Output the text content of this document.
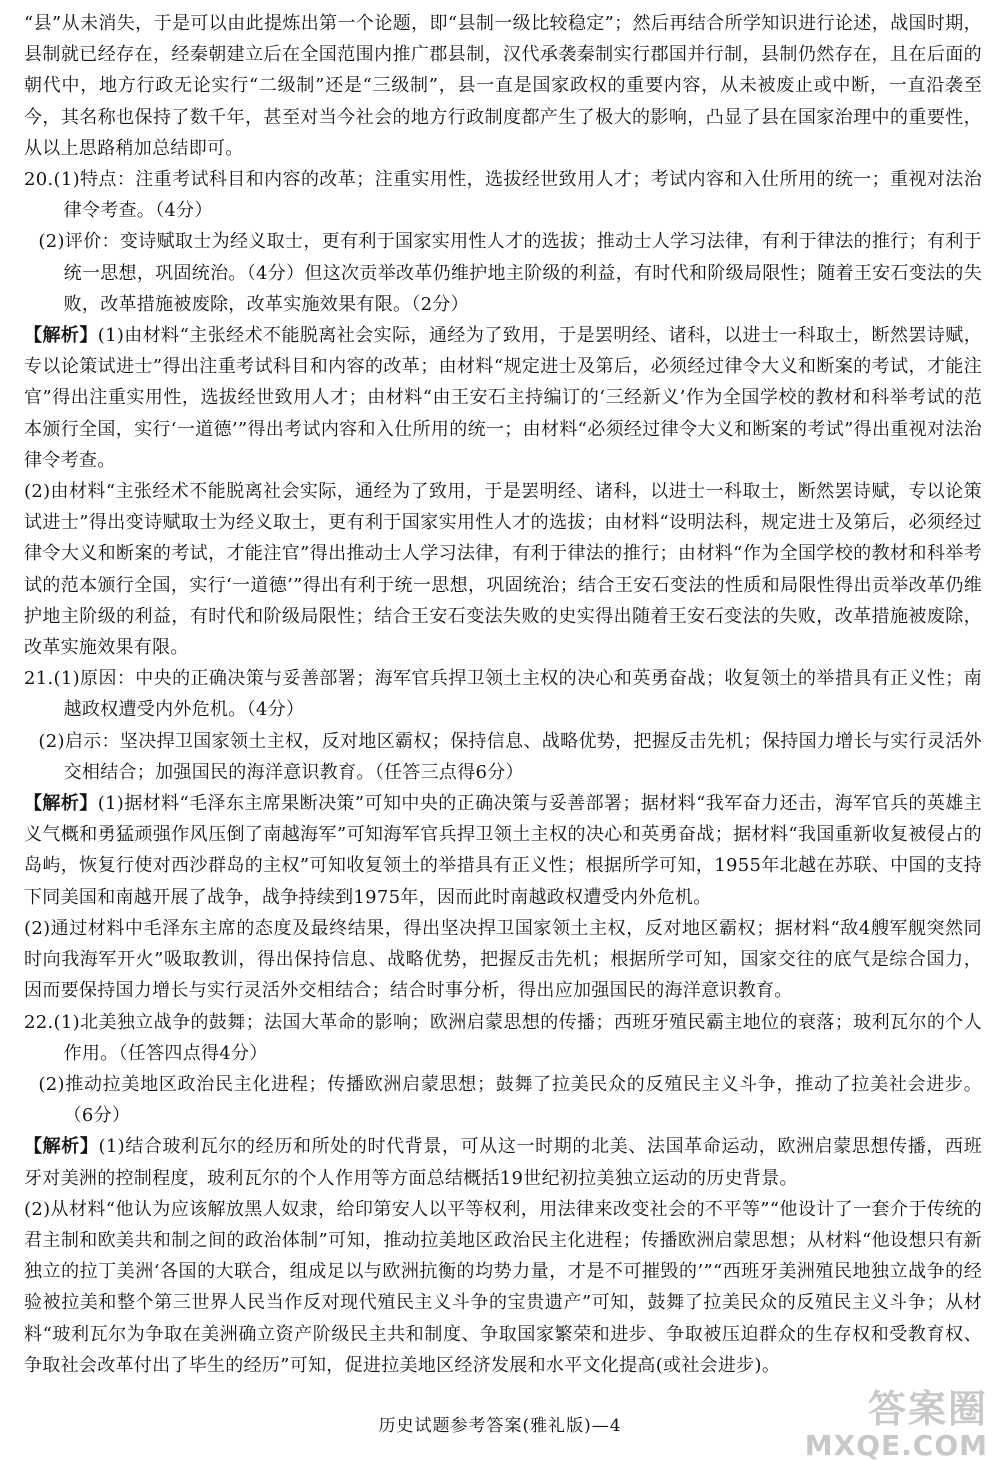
“县”从未消失，于是可以由此提炼出第一个论题，即“县制一级比较稳定”；然后再结合所学知识进行论述，战国时期，县制就已经存在，经秦朝建立后在全国范围内推广郡县制，汉代承袭秦制实行郡国并行制，县制仍然存在，且在后面的朝代中，地方行政无论实行“二级制”还是“三级制”，县一直是国家政权的重要内容，从未被废止或中断，一直沿袭至今，其名称也保持了数千年，甚至对当今社会的地方行政制度都产生了极大的影响，凸显了县在国家治理中的重要性，从以上思路稍加总结即可。

20.(1)特点：注重考试科目和内容的改革；注重实用性，选拔经世致用人才；考试内容和入仕所用的统一；重视对法治律令考查。（4分）

(2)评价：变诗赋取士为经义取士，更有利于国家实用性人才的选拔；推动士人学习法律，有利于律法的推行；有利于统一思想，巩固统治。（4分）但这次贡举改革仍维护地主阶级的利益，有时代和阶级局限性；随着王安石变法的失败，改革措施被废除，改革实施效果有限。（2分）

【解析】(1)由材料“主张经术不能脱离社会实际，通经为了致用，于是罢明经、诸科，以进士一科取士，断然罢诗赋，专以论策试进士”得出注重考试科目和内容的改革；由材料“规定进士及第后，必须经过律令大义和断案的考试，才能注官”得出注重实用性，选拔经世致用人才；由材料“由王安石主持编订的‘三经新义’作为全国学校的教材和科举考试的范本颁行全国，实行‘一道德’”得出考试内容和入仕所用的统一；由材料“必须经过律令大义和断案的考试”得出重视对法治律令考查。

(2)由材料“主张经术不能脱离社会实际，通经为了致用，于是罢明经、诸科，以进士一科取士，断然罢诗赋，专以论策试进士”得出变诗赋取士为经义取士，更有利于国家实用性人才的选拔；由材料“设明法科，规定进士及第后，必须经过律令大义和断案的考试，才能注官”得出推动士人学习法律，有利于律法的推行；由材料“作为全国学校的教材和科举考试的范本颁行全国，实行‘一道德’”得出有利于统一思想，巩固统治；结合王安石变法的性质和局限性得出贡举改革仍维护地主阶级的利益，有时代和阶级局限性；结合王安石变法失败的史实得出随着王安石变法的失败，改革措施被废除，改革实施效果有限。

21.(1)原因：中央的正确决策与妥善部署；海军官兵捍卫领土主权的决心和英勇奋战；收复领土的举措具有正义性；南越政权遭受内外危机。（4分）

(2)启示：坚决捍卫国家领土主权，反对地区霸权；保持信息、战略优势，把握反击先机；保持国力增长与实行灵活外交相结合；加强国民的海洋意识教育。（任答三点得6分）

【解析】(1)据材料“毛泽东主席果断决策”可知中央的正确决策与妥善部署；据材料“我军奋力还击，海军官兵的英雄主义气概和勇猛顽强作风压倒了南越海军”可知海军官兵捍卫领土主权的决心和英勇奋战；据材料“我国重新收复被侵占的岛屿，恢复行使对西沙群岛的主权”可知收复领土的举措具有正义性；根据所学可知，1955年北越在苏联、中国的支持下同美国和南越开展了战争，战争持续到1975年，因而此时南越政权遭受内外危机。

(2)通过材料中毛泽东主席的态度及最终结果，得出坚决捍卫国家领土主权，反对地区霸权；据材料“敌4艘军舰突然同时向我海军开火”吸取教训，得出保持信息、战略优势，把握反击先机；根据所学可知，国家交往的底气是综合国力，因而要保持国力增长与实行灵活外交相结合；结合时事分析，得出应加强国民的海洋意识教育。

22.(1)北美独立战争的鼓舞；法国大革命的影响；欧洲启蒙思想的传播；西班牙殖民霸主地位的衰落；玻利瓦尔的个人作用。（任答四点得4分）

(2)推动拉美地区政治民主化进程；传播欧洲启蒙思想；鼓舞了拉美民众的反殖民主义斗争，推动了拉美社会进步。（6分）

【解析】(1)结合玻利瓦尔的经历和所处的时代背景，可从这一时期的北美、法国革命运动，欧洲启蒙思想传播，西班牙对美洲的控制程度，玻利瓦尔的个人作用等方面总结概括19世纪初拉美独立运动的历史背景。

(2)从材料“他认为应该解放黑人奴隶，给印第安人以平等权利，用法律来改变社会的不平等”“他设计了一套介于传统的君主制和欧美共和制之间的政治体制”可知，推动拉美地区政治民主化进程；传播欧洲启蒙思想；从材料“他设想只有新独立的拉丁美洲‘各国的大联合，组成足以与欧洲抗衡的均势力量，才是不可摧毁的’”“西班牙美洲殖民地独立战争的经验被拉美和整个第三世界人民当作反对现代殖民主义斗争的宝贵遗产”可知，鼓舞了拉美民众的反殖民主义斗争；从材料“玻利瓦尔为争取在美洲确立资产阶级民主共和制度、争取国家繁荣和进步、争取被压迫群众的生存权和受教育权、争取社会改革付出了毕生的经历”可知，促进拉美地区经济发展和水平文化提高(或社会进步)。

历史试题参考答案(雅礼版)—4	答案圈
MXQE.COM
